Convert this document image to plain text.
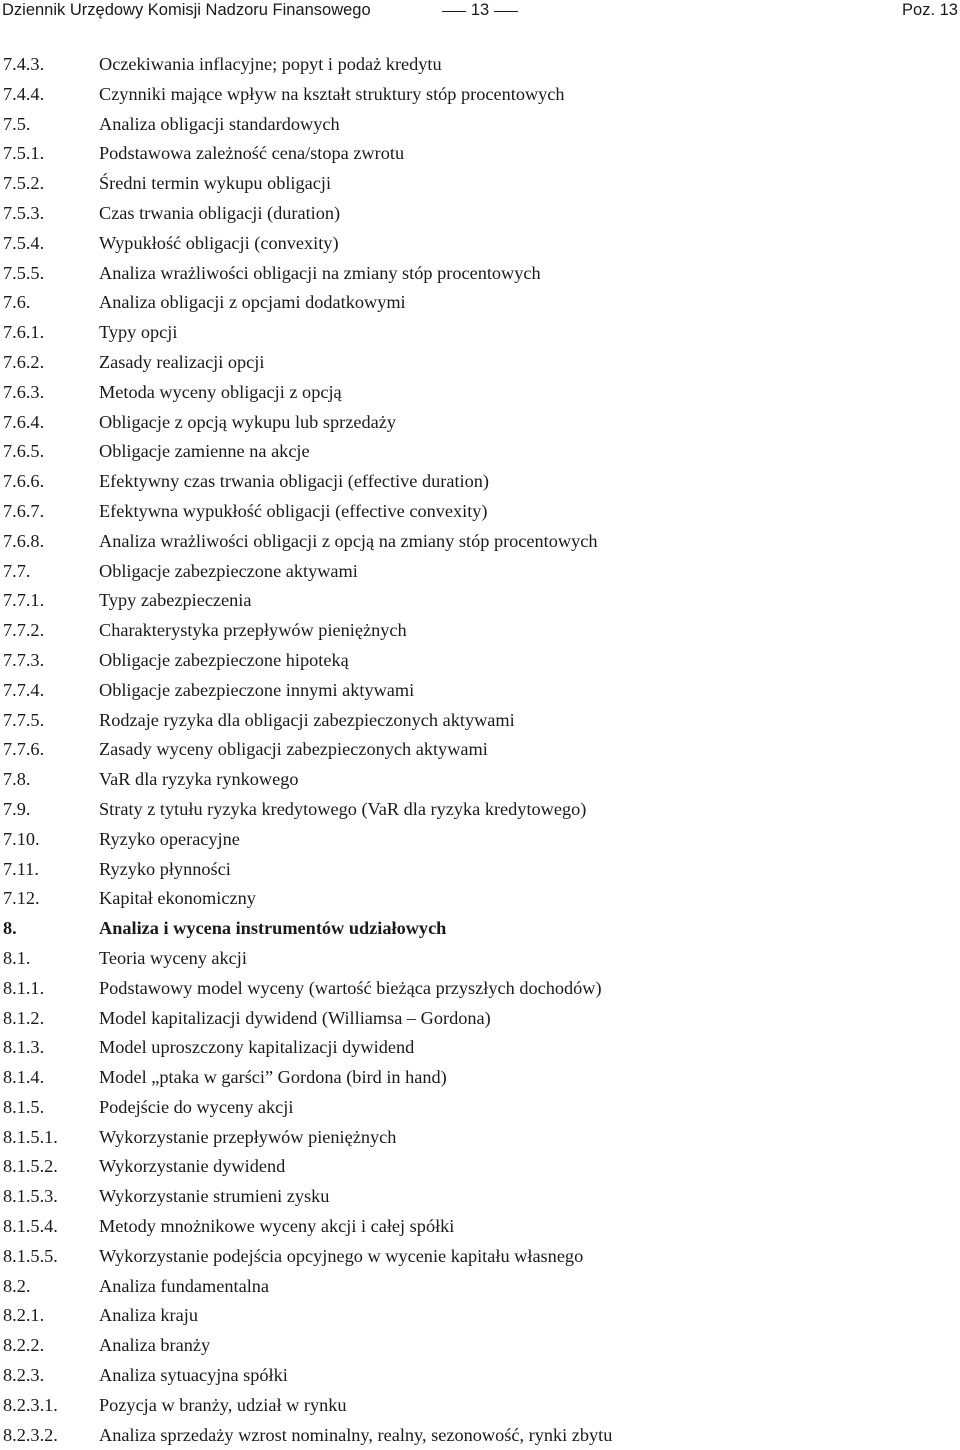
Dziennik Urzędowy Komisji Nadzoru Finansowego	13	Poz. 13
7.4.3.	Oczekiwania inflacyjne; popyt i podaż kredytu
7.4.4.	Czynniki mające wpływ na kształt struktury stóp procentowych
7.5.	Analiza obligacji standardowych
7.5.1.	Podstawowa zależność cena/stopa zwrotu
7.5.2.	Średni termin wykupu obligacji
7.5.3.	Czas trwania obligacji (duration)
7.5.4.	Wypukłość obligacji (convexity)
7.5.5.	Analiza wrażliwości obligacji na zmiany stóp procentowych
7.6.	Analiza obligacji z opcjami dodatkowymi
7.6.1.	Typy opcji
7.6.2.	Zasady realizacji opcji
7.6.3.	Metoda wyceny obligacji z opcją
7.6.4.	Obligacje z opcją wykupu lub sprzedaży
7.6.5.	Obligacje zamienne na akcje
7.6.6.	Efektywny czas trwania obligacji (effective duration)
7.6.7.	Efektywna wypukłość obligacji (effective convexity)
7.6.8.	Analiza wrażliwości obligacji z opcją na zmiany stóp procentowych
7.7.	Obligacje zabezpieczone aktywami
7.7.1.	Typy zabezpieczenia
7.7.2.	Charakterystyka przepływów pieniężnych
7.7.3.	Obligacje zabezpieczone hipoteką
7.7.4.	Obligacje zabezpieczone innymi aktywami
7.7.5.	Rodzaje ryzyka dla obligacji zabezpieczonych aktywami
7.7.6.	Zasady wyceny obligacji zabezpieczonych aktywami
7.8.	VaR dla ryzyka rynkowego
7.9.	Straty z tytułu ryzyka kredytowego (VaR dla ryzyka kredytowego)
7.10.	Ryzyko operacyjne
7.11.	Ryzyko płynności
7.12.	Kapitał ekonomiczny
8.	Analiza i wycena instrumentów udziałowych
8.1.	Teoria wyceny akcji
8.1.1.	Podstawowy model wyceny (wartość bieżąca przyszłych dochodów)
8.1.2.	Model kapitalizacji dywidend (Williamsa – Gordona)
8.1.3.	Model uproszczony kapitalizacji dywidend
8.1.4.	Model „ptaka w garści” Gordona (bird in hand)
8.1.5.	Podejście do wyceny akcji
8.1.5.1. Wykorzystanie przepływów pieniężnych
8.1.5.2. Wykorzystanie dywidend
8.1.5.3. Wykorzystanie strumieni zysku
8.1.5.4. Metody mnożnikowe wyceny akcji i całej spółki
8.1.5.5. Wykorzystanie podejścia opcyjnego w wycenie kapitału własnego
8.2.	Analiza fundamentalna
8.2.1.	Analiza kraju
8.2.2.	Analiza branży
8.2.3.	Analiza sytuacyjna spółki
8.2.3.1. Pozycja w branży, udział w rynku
8.2.3.2. Analiza sprzedaży wzrost nominalny, realny, sezonowość, rynki zbytu
